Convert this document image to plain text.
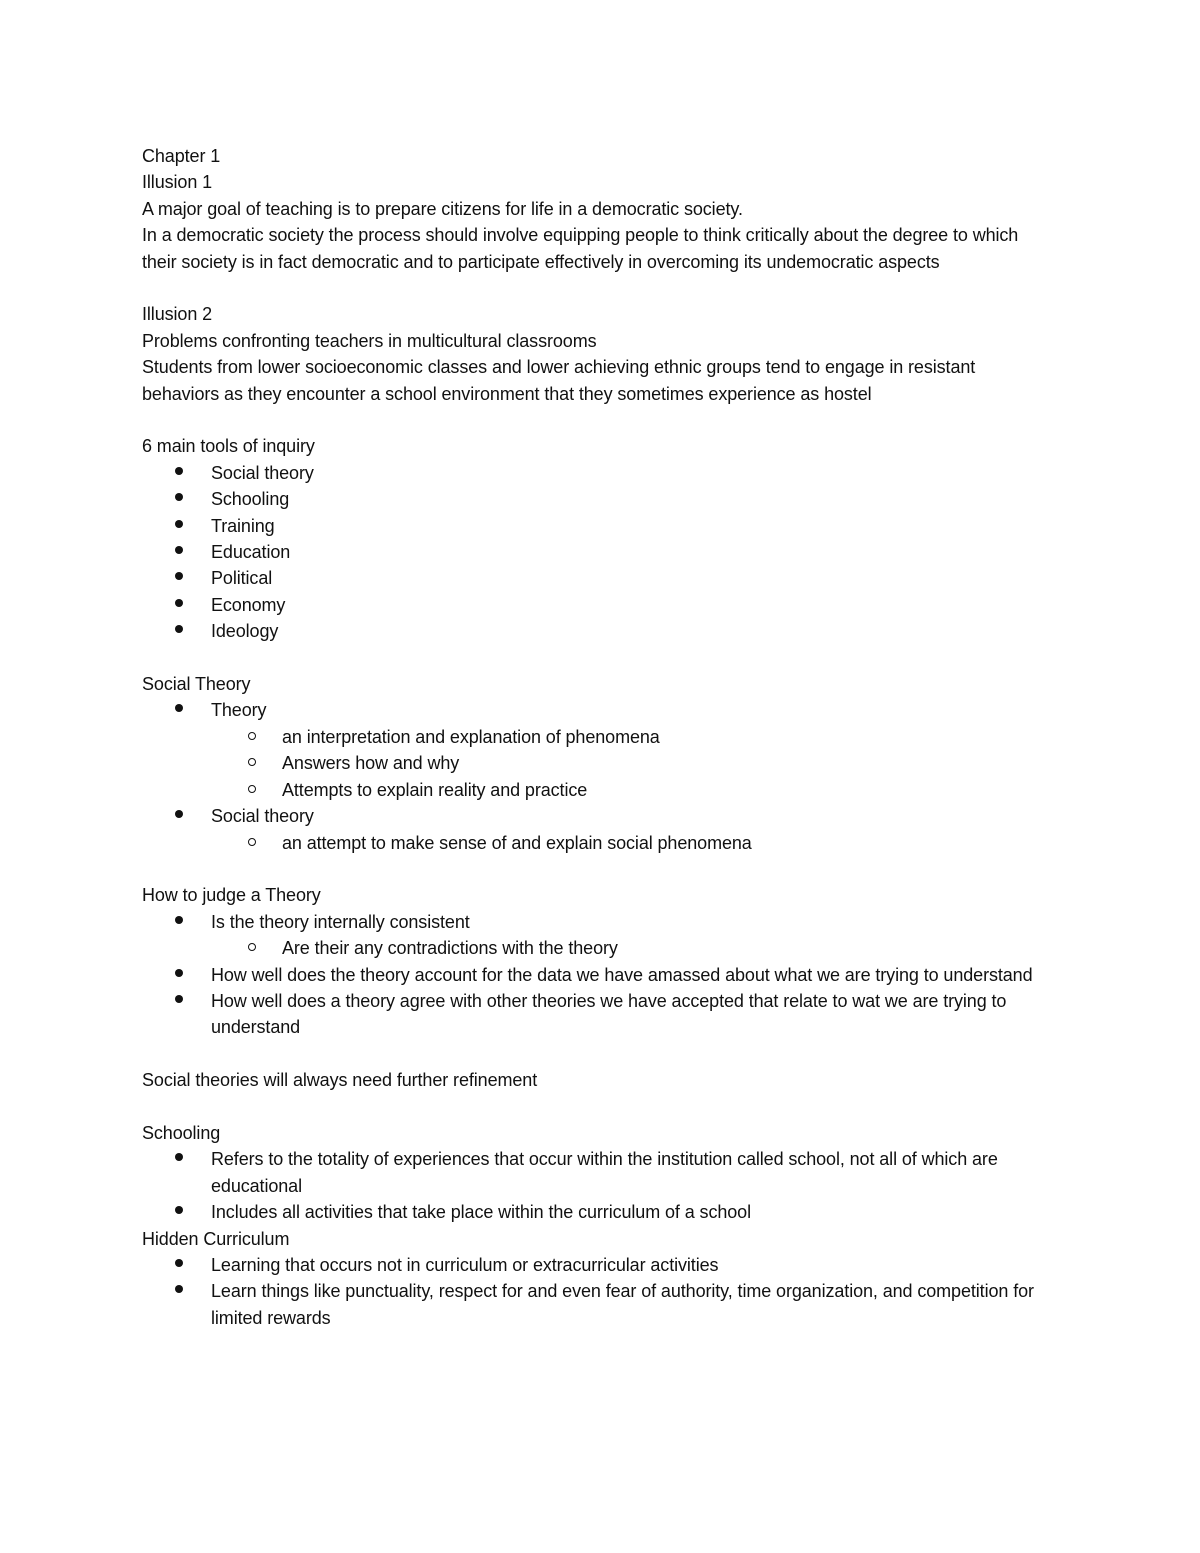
Chapter 1

Illusion 1

A major goal of teaching is to prepare citizens for life in a democratic society.

In a democratic society the process should involve equipping people to think critically about the degree to which their society is in fact democratic and to participate effectively in overcoming its undemocratic aspects

Illusion 2

Problems confronting teachers in multicultural classrooms

Students from lower socioeconomic classes and lower achieving ethnic groups tend to engage in resistant behaviors as they encounter a school environment that they sometimes experience as hostel

6 main tools of inquiry

Social theory
Schooling
Training
Education
Political
Economy
Ideology

Social Theory

Theory
an interpretation and explanation of phenomena
Answers how and why
Attempts to explain reality and practice
Social theory
an attempt to make sense of and explain social phenomena

How to judge a Theory

Is the theory internally consistent
Are their any contradictions with the theory
How well does the theory account for the data we have amassed about what we are trying to understand
How well does a theory agree with other theories we have accepted that relate to wat we are trying to understand

Social theories will always need further refinement

Schooling

Refers to the totality of experiences that occur within the institution called school, not all of which are educational
Includes all activities that take place within the curriculum of a school

Hidden Curriculum

Learning that occurs not in curriculum or extracurricular activities
Learn things like punctuality, respect for and even fear of authority, time organization, and competition for limited rewards
